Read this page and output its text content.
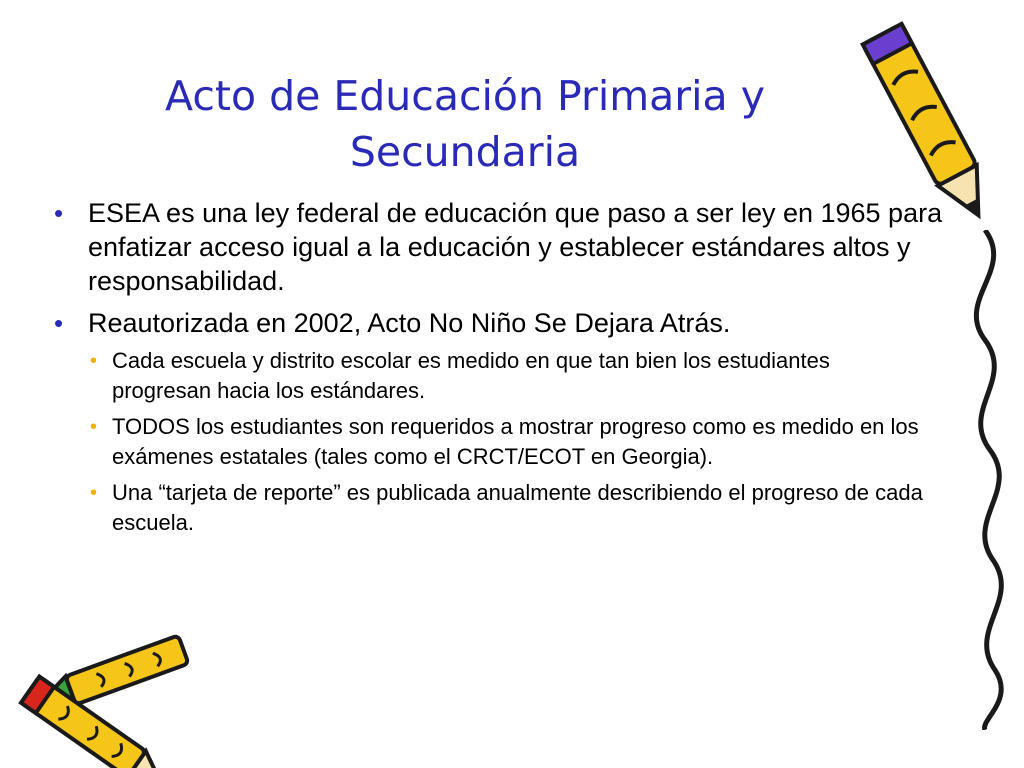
Acto de Educación Primaria y
Secundaria
• ESEA es una ley federal de educación que paso a ser ley en 1965 para enfatizar acceso igual a la educación y establecer estándares altos y responsabilidad.
• Reautorizada en 2002, Acto No Niño Se Dejara Atrás.
• Cada escuela y distrito escolar es medido en que tan bien los estudiantes progresan hacia los estándares.
• TODOS los estudiantes son requeridos a mostrar progreso como es medido en los exámenes estatales (tales como el CRCT/ECOT en Georgia).
• Una “tarjeta de reporte” es publicada anualmente describiendo el progreso de cada escuela.
